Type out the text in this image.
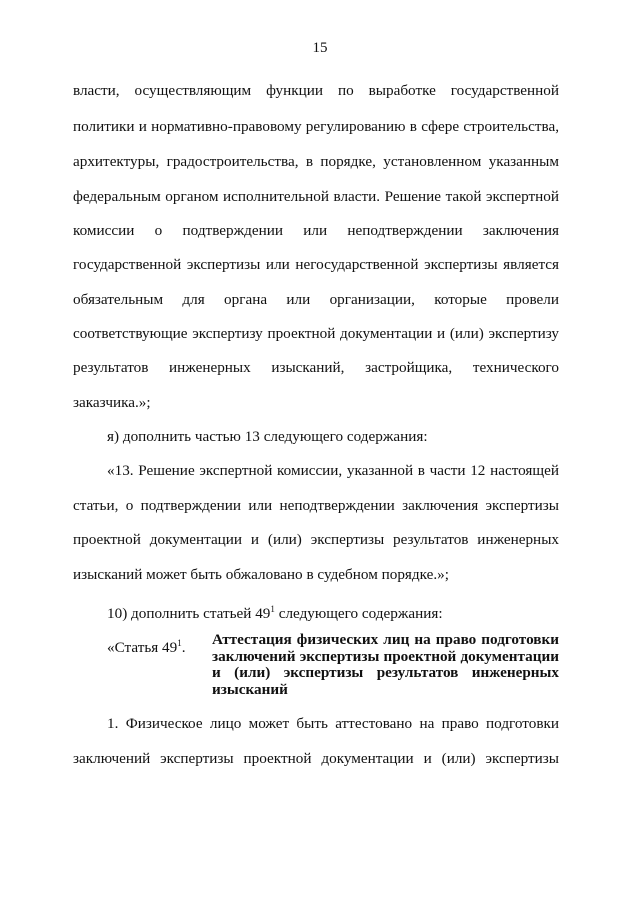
15
власти, осуществляющим функции по выработке государственной
политики и нормативно-правовому регулированию в сфере строительства,
архитектуры, градостроительства, в порядке, установленном указанным
федеральным органом исполнительной власти. Решение такой экспертной
комиссии о подтверждении или неподтверждении заключения
государственной экспертизы или негосударственной экспертизы является
обязательным для органа или организации, которые провели
соответствующие экспертизу проектной документации и (или) экспертизу
результатов инженерных изысканий, застройщика, технического
заказчика.»;
я) дополнить частью 13 следующего содержания:
«13. Решение экспертной комиссии, указанной в части 12 настоящей
статьи, о подтверждении или неподтверждении заключения экспертизы
проектной документации и (или) экспертизы результатов инженерных
изысканий может быть обжаловано в судебном порядке.»;
10) дополнить статьей $49^1$ следующего содержания:
«Статья $49^1$. Аттестация физических лиц на право подготовки
заключений экспертизы проектной документации
и (или) экспертизы результатов инженерных
изысканий
1. Физическое лицо может быть аттестовано на право подготовки
заключений экспертизы проектной документации и (или) экспертизы
